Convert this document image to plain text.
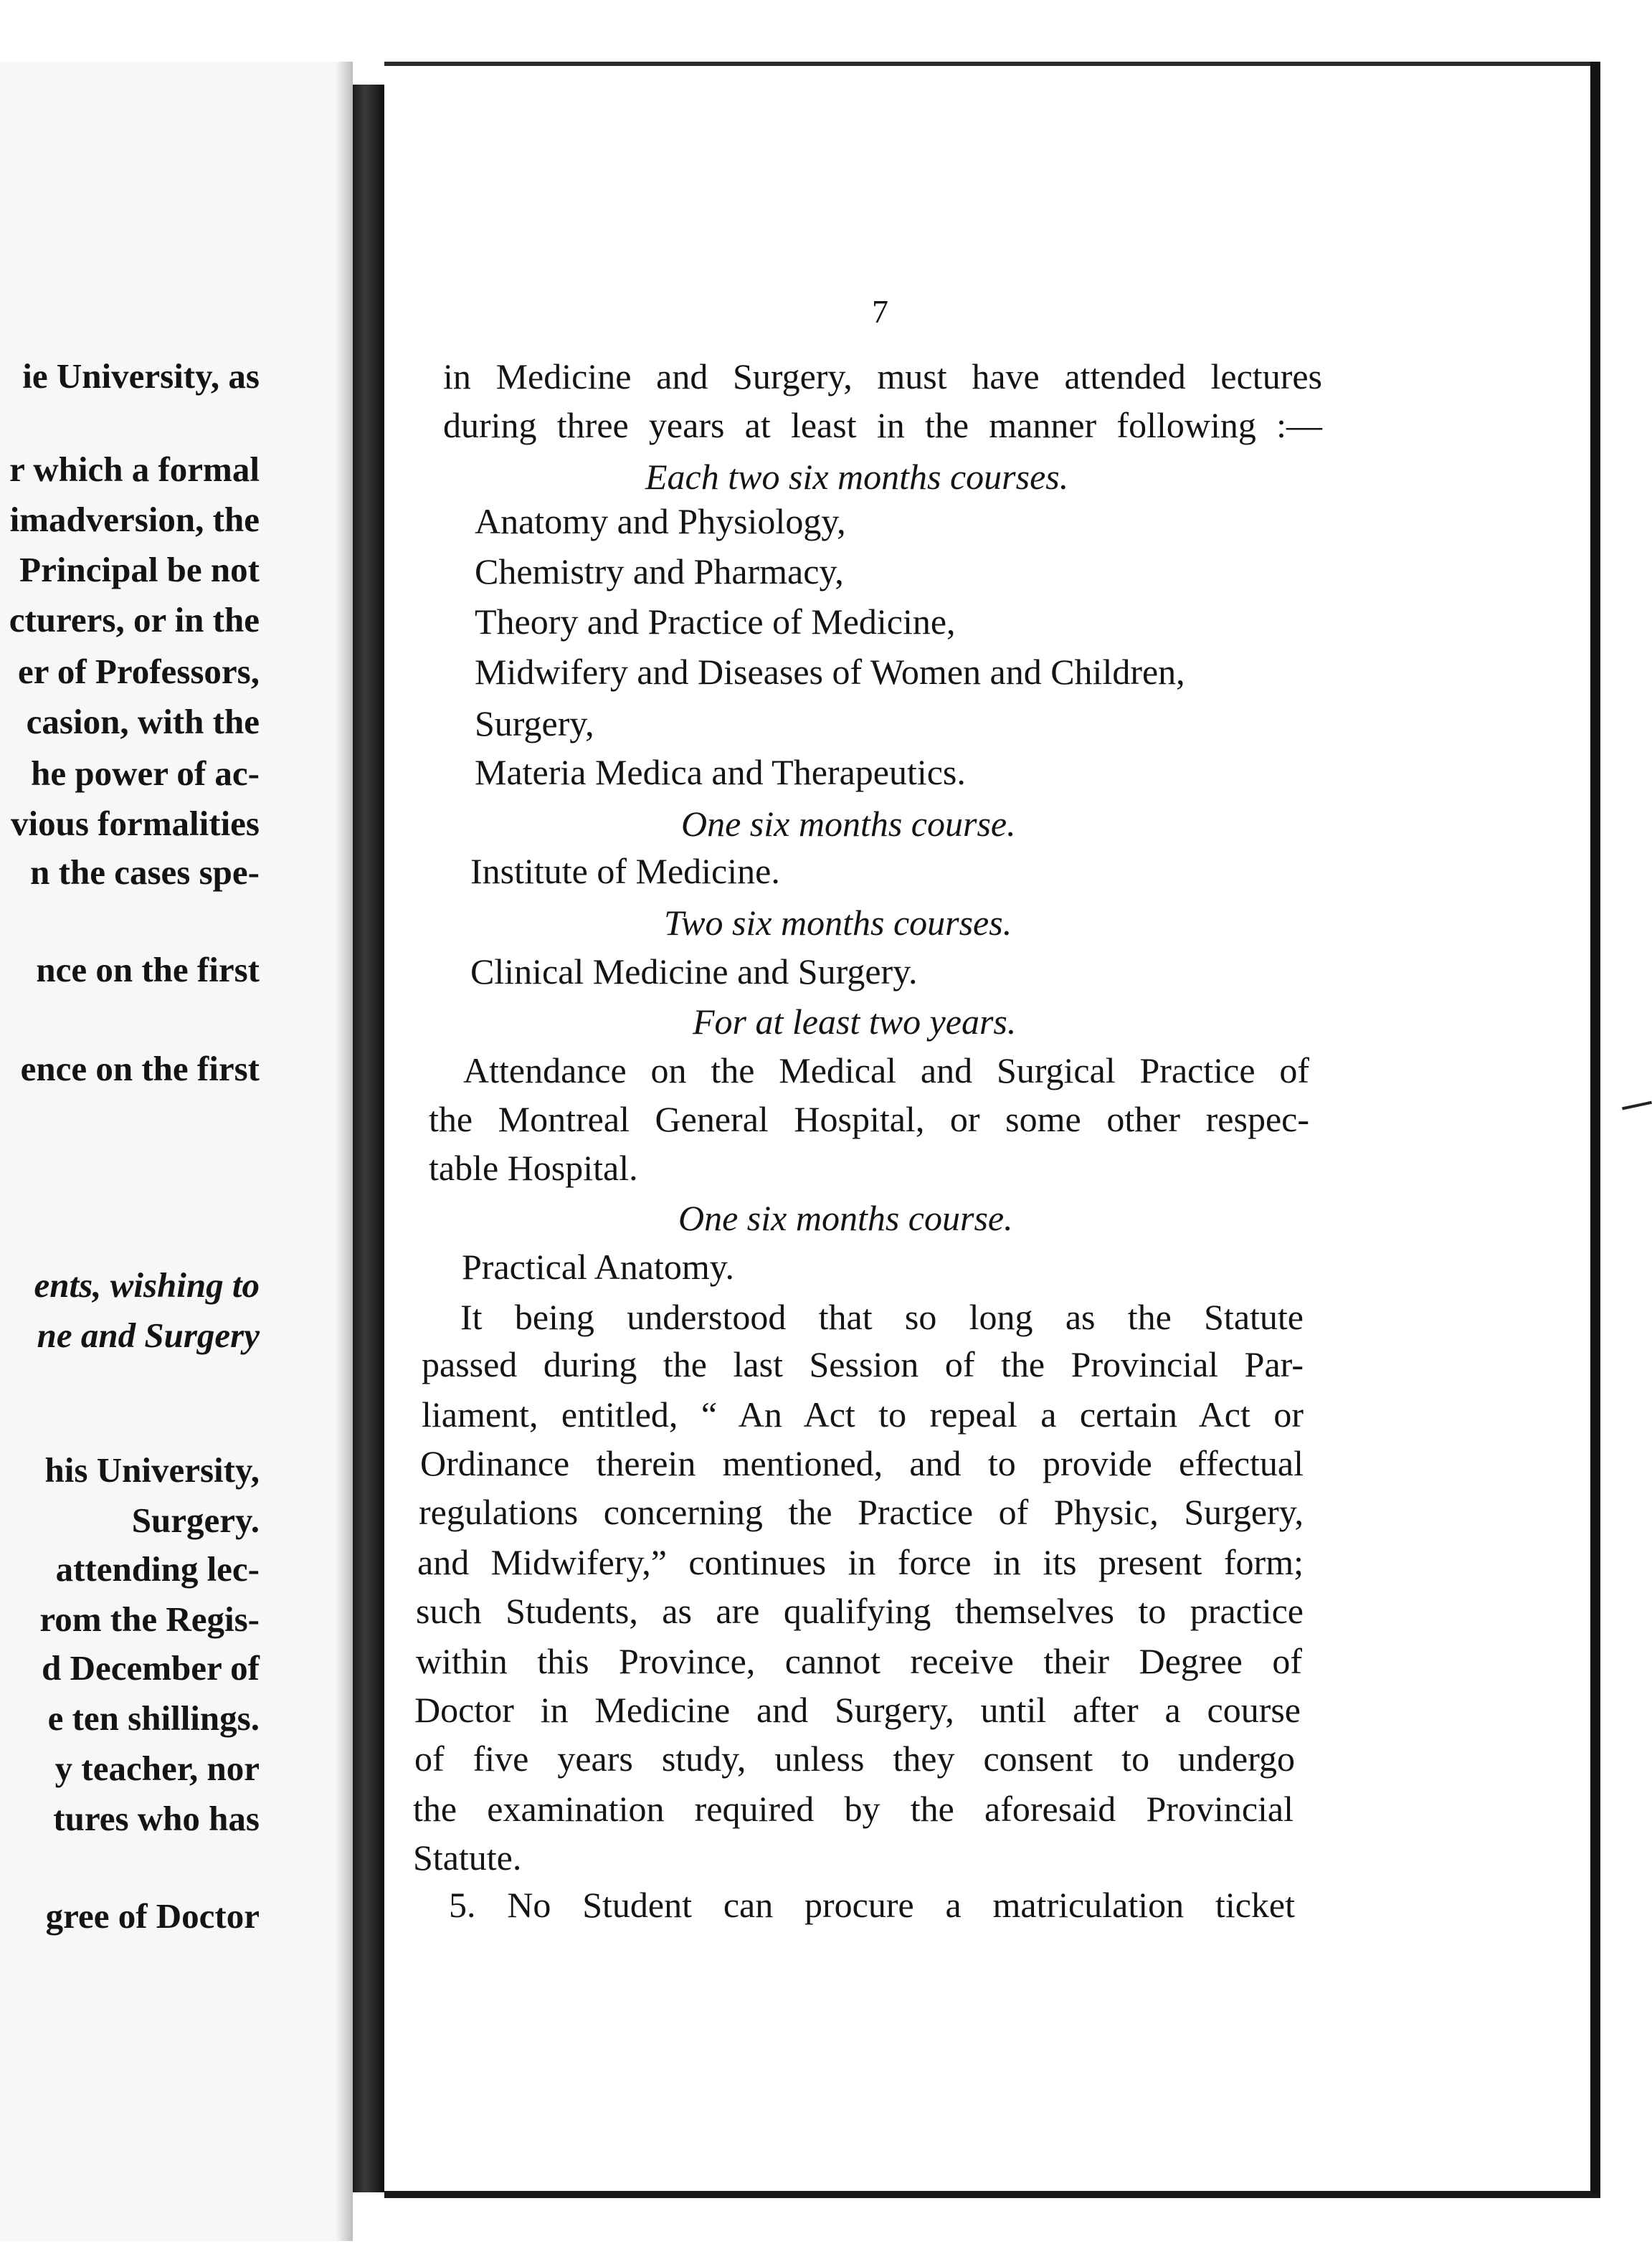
ie University, as
r which a formal
imadversion, the
Principal be not
cturers, or in the
er of Professors,
casion, with the
he power of ac-
vious formalities
n the cases spe-
nce on the first
ence on the first
ents, wishing to
ne and Surgery
his University,
Surgery.
attending lec-
rom the Regis-
d December of
e ten shillings.
y teacher, nor
tures who has
gree of Doctor
7
in Medicine and Surgery, must have attended lectures
during three years at least in the manner following :—
Each two six months courses.
Anatomy and Physiology,
Chemistry and Pharmacy,
Theory and Practice of Medicine,
Midwifery and Diseases of Women and Children,
Surgery,
Materia Medica and Therapeutics.
One six months course.
Institute of Medicine.
Two six months courses.
Clinical Medicine and Surgery.
For at least two years.
Attendance on the Medical and Surgical Practice of
the Montreal General Hospital, or some other respec-
table Hospital.
One six months course.
Practical Anatomy.
It being understood that so long as the Statute
passed during the last Session of the Provincial Par-
liament, entitled, “ An Act to repeal a certain Act or
Ordinance therein mentioned, and to provide effectual
regulations concerning the Practice of Physic, Surgery,
and Midwifery,” continues in force in its present form;
such Students, as are qualifying themselves to practice
within this Province, cannot receive their Degree of
Doctor in Medicine and Surgery, until after a course
of five years study, unless they consent to undergo
the examination required by the aforesaid Provincial
Statute.
5. No Student can procure a matriculation ticket
